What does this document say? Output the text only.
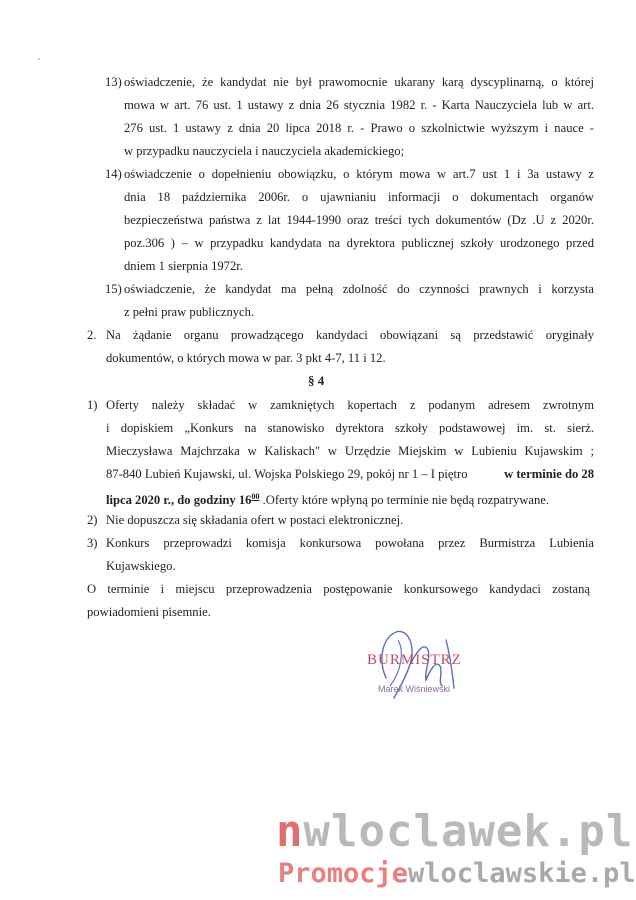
13) oświadczenie, że kandydat nie był prawomocnie ukarany karą dyscyplinarną, o której
mowa w art. 76 ust. 1 ustawy z dnia 26 stycznia 1982 r. - Karta Nauczyciela lub w art.
276 ust. 1 ustawy z dnia 20 lipca 2018 r. - Prawo o szkolnictwie wyższym i nauce -
w przypadku nauczyciela i nauczyciela akademickiego;
14) oświadczenie o dopełnieniu obowiązku, o którym mowa w art.7 ust 1 i 3a ustawy z
dnia 18 października 2006r. o ujawnianiu informacji o dokumentach organów
bezpieczeństwa państwa z lat 1944-1990 oraz treści tych dokumentów (Dz .U z 2020r.
poz.306 ) – w przypadku kandydata na dyrektora publicznej szkoły urodzonego przed
dniem 1 sierpnia 1972r.
15) oświadczenie, że kandydat ma pełną zdolność do czynności prawnych i korzysta
z pełni praw publicznych.
2. Na żądanie organu prowadzącego kandydaci obowiązani są przedstawić oryginały
dokumentów, o których mowa w par. 3 pkt 4-7, 11 i 12.
§ 4
1) Oferty należy składać w zamkniętych kopertach z podanym adresem zwrotnym
i dopiskiem „Konkurs na stanowisko dyrektora szkoły podstawowej im. st. sierż.
Mieczysława Majchrzaka w Kaliskach" w Urzędzie Miejskim w Lubieniu Kujawskim ;
87-840 Lubień Kujawski, ul. Wojska Polskiego 29, pokój nr 1 – I piętro	w terminie do 28
lipca 2020 r., do godziny $16^{00}$ .Oferty które wpłyną po terminie nie będą rozpatrywane.
2) Nie dopuszcza się składania ofert w postaci elektronicznej.
3) Konkurs przeprowadzi komisja konkursowa powołana przez Burmistrza Lubienia
Kujawskiego.
O terminie i miejscu przeprowadzenia postępowanie konkursowego kandydaci zostaną
powiadomieni pisemnie.
BURMISTRZ
Marek Wiśniewski
nwloclawek.pl
Promocjewloclawskie.pl
